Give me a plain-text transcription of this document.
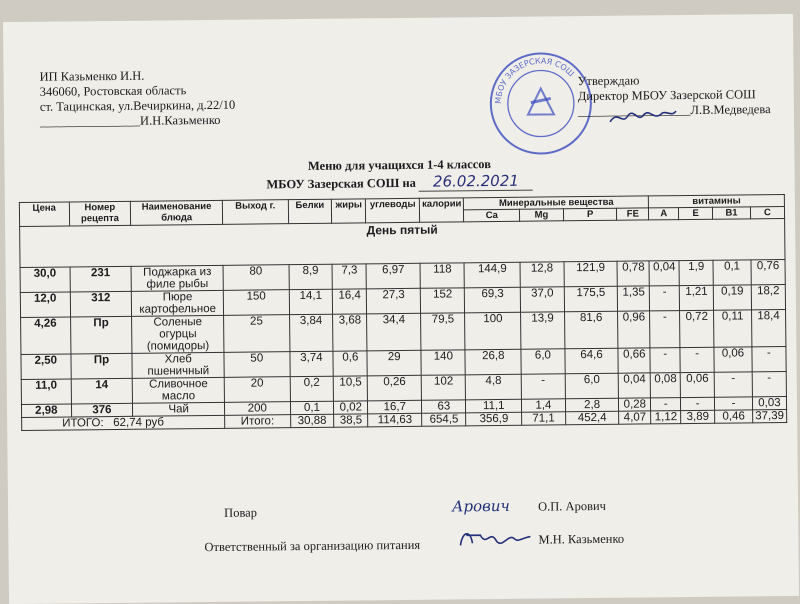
ИП Казьменко И.Н.
346060, Ростовская область
ст. Тацинская, ул.Вечиркина, д.22/10
________________И.Н.Казьменко
МБОУ ЗАЗЕРСКАЯ СОШ
Утверждаю
Директор МБОУ Зазерской СОШ
__________________Л.В.Медведева
Меню для учащихся 1-4 классов
МБОУ Зазерская СОШ на 26.02.2021
Цена	Номер рецепта	Наименование блюда	Выход г.	Белки	жиры	углеводы	калории	Минеральные вещества				витамины			
								Ca	Mg	P	FE	A	E	B1	C
День пятый															
30,0	231	Поджарка из филе рыбы	80	8,9	7,3	6,97	118	144,9	12,8	121,9	0,78	0,04	1,9	0,1	0,76
12,0	312	Пюре картофельное	150	14,1	16,4	27,3	152	69,3	37,0	175,5	1,35	-	1,21	0,19	18,2
4,26	Пр	Соленые огурцы (помидоры)	25	3,84	3,68	34,4	79,5	100	13,9	81,6	0,96	-	0,72	0,11	18,4
2,50	Пр	Хлеб пшеничный	50	3,74	0,6	29	140	26,8	6,0	64,6	0,66	-	-	0,06	-
11,0	14	Сливочное масло	20	0,2	10,5	0,26	102	4,8	-	6,0	0,04	0,08	0,06	-	-
2,98	376	Чай	200	0,1	0,02	16,7	63	11,1	1,4	2,8	0,28	-	-	-	0,03
ИТОГО: 62,74 руб			Итого:	30,88	38,5	114,63	654,5	356,9	71,1	452,4	4,07	1,12	3,89	0,46	37,39
Повар	Арович О.П. Арович
Ответственный за организацию питания	М.Н. Казьменко
